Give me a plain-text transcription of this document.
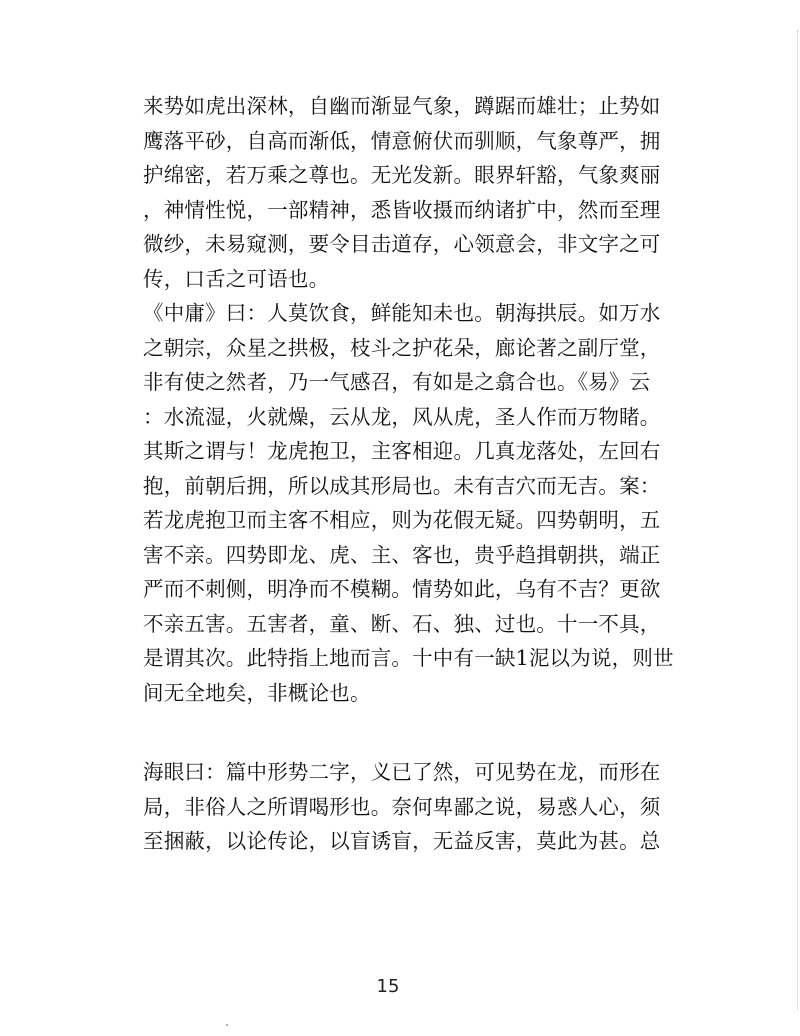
来势如虎出深林，自幽而渐显气象，蹲踞而雄壮；止势如
鹰落平砂，自高而渐低，情意俯伏而驯顺，气象尊严，拥
护绵密，若万乘之尊也。无光发新。眼界轩豁，气象爽丽
，神情性悦，一部精神，悉皆收摄而纳诸扩中，然而至理
微纱，未易窥测，要令目击道存，心领意会，非文字之可
传，口舌之可语也。
《中庸》曰：人莫饮食，鲜能知未也。朝海拱辰。如万水
之朝宗，众星之拱极，枝斗之护花朵，廊论著之副厅堂，
非有使之然者，乃一气感召，有如是之翕合也。《易》云
：水流湿，火就燥，云从龙，风从虎，圣人作而万物睹。
其斯之谓与！龙虎抱卫，主客相迎。几真龙落处，左回右
抱，前朝后拥，所以成其形局也。未有吉穴而无吉。案：
若龙虎抱卫而主客不相应，则为花假无疑。四势朝明，五
害不亲。四势即龙、虎、主、客也，贵乎趋揖朝拱，端正
严而不刺侧，明净而不模糊。情势如此，乌有不吉？更欲
不亲五害。五害者，童、断、石、独、过也。十一不具，
是谓其次。此特指上地而言。十中有一缺1泥以为说，则世
间无全地矣，非概论也。
海眼曰：篇中形势二字，义已了然，可见势在龙，而形在
局，非俗人之所谓喝形也。奈何卑鄙之说，易惑人心，须
至捆蔽，以论传论，以盲诱盲，无益反害，莫此为甚。总
15
